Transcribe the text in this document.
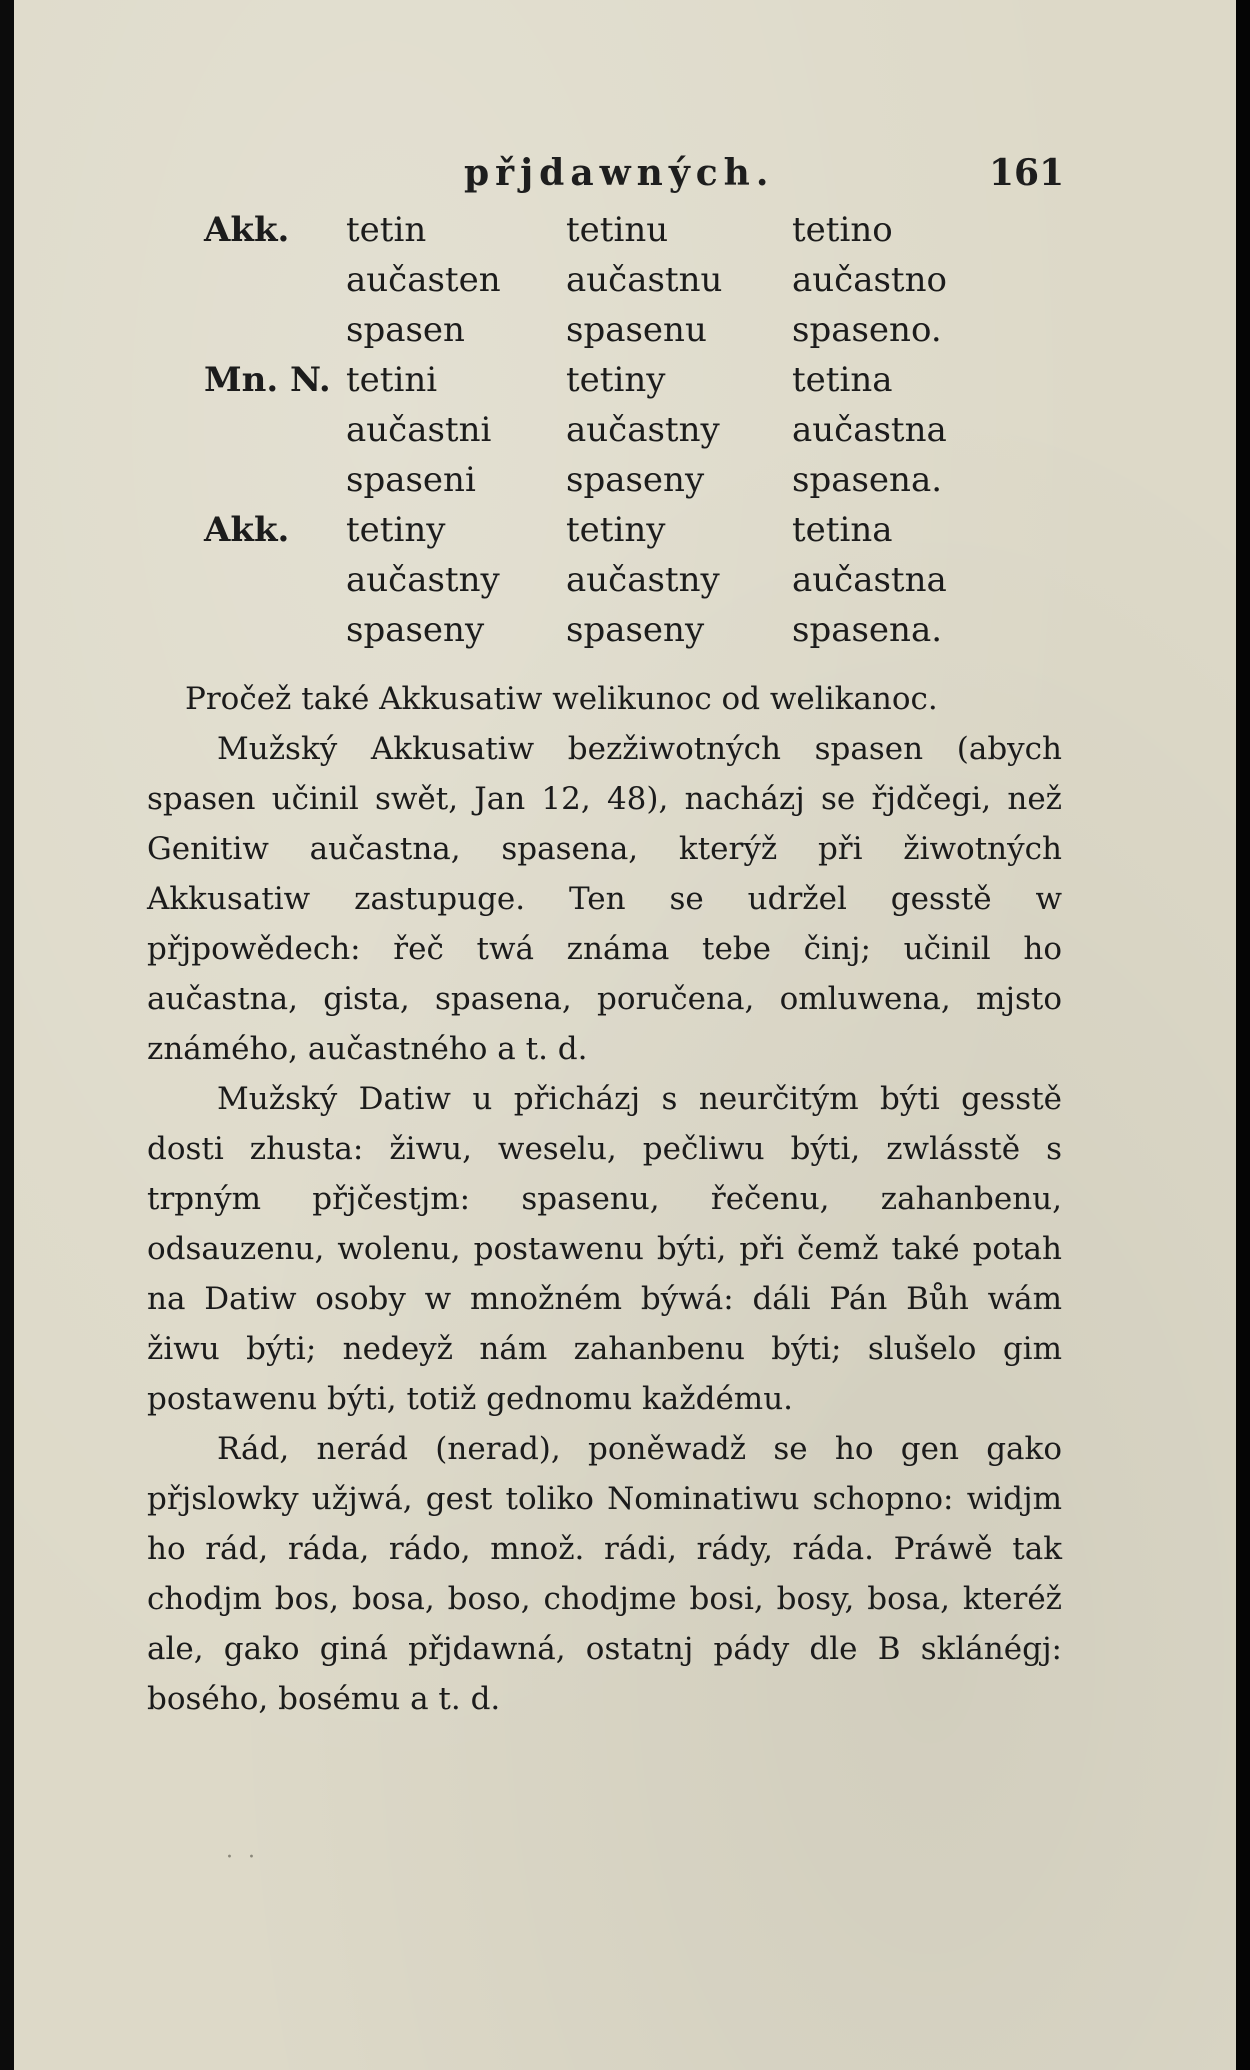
přjdawných.	161
Akk. tetin	tetinu	tetino
aučasten aučastnu aučastno
spasen	spasenu	spaseno.
Mn. N. tetini	tetiny	tetina
aučastni aučastny aučastna
spaseni	spaseny	spasena.
Akk. tetiny	tetiny	tetina
aučastny aučastny aučastna
spaseny spaseny	spasena.

Pročež také Akkusatiw welikunoc od welikanoc.

Mužský Akkusatiw bezžiwotných spasen (abych spasen učinil swět, Jan 12, 48), nacházj se řjdčegi, než Genitiw aučastna, spasena, kterýž při žiwotných Akkusatiw zastupuge. Ten se udržel gesstě w přjpowědech: řeč twá známa tebe činj; učinil ho aučastna, gista, spasena, poručena, omluwena, mjsto známého, aučastného a t. d.

Mužský Datiw u přicházj s neurčitým býti gesstě dosti zhusta: žiwu, weselu, pečliwu býti, zwlásstě s trpným přjčestjm: spasenu, řečenu, zahanbenu, odsauzenu, wolenu, postawenu býti, při čemž také potah na Datiw osoby w množném býwá: dáli Pán Bůh wám žiwu býti; nedeyž nám zahanbenu býti; slušelo gim postawenu býti, totiž gednomu každému.

Rád, nerád (nerad), poněwadž se ho gen gako přjslowky užjwá, gest toliko Nominatiwu schopno: widjm ho rád, ráda, rádo, množ. rádi, rády, ráda. Práwě tak chodjm bos, bosa, boso, chodjme bosi, bosy, bosa, kteréž ale, gako giná přjdawná, ostatnj pády dle B sklánégj: bosého, bosému a t. d.

· ·
